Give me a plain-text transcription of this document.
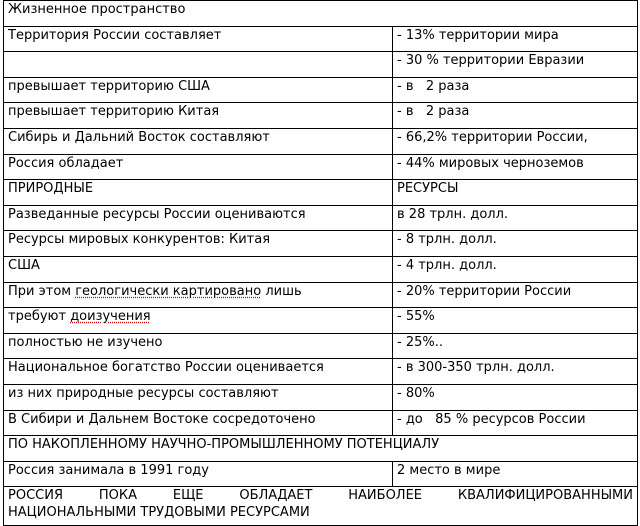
Жизненное пространство	
Территория России составляет	- 13% территории мира
	- 30 % территории Евразии
превышает территорию США	- в   2 раза
превышает территорию Китая	- в   2 раза
Сибирь и Дальний Восток составляют	- 66,2% территории России,
Россия обладает	- 44% мировых черноземов
ПРИРОДНЫЕ	РЕСУРСЫ
Разведанные ресурсы России оцениваются	в 28 трлн. долл.
Ресурсы мировых конкурентов: Китая	- 8 трлн. долл.
США	- 4 трлн. долл.
При этом геологически картировано лишь	- 20% территории России
требуют доизучения	- 55%
полностью не изучено	- 25%..
Национальное богатство России оценивается	- в 300-350 трлн. долл.
из них природные ресурсы составляют	- 80%
В Сибири и Дальнем Востоке сосредоточено	- до   85 % ресурсов России
ПО НАКОПЛЕННОМУ НАУЧНО-ПРОМЫШЛЕННОМУ ПОТЕНЦИАЛУ	
Россия занимала в 1991 году	2 место в мире
РОССИЯ ПОКА ЕЩЕ ОБЛАДАЕТ НАИБОЛЕЕ КВАЛИФИЦИРОВАННЫМИ
НАЦИОНАЛЬНЫМИ ТРУДОВЫМИ РЕСУРСАМИ	
